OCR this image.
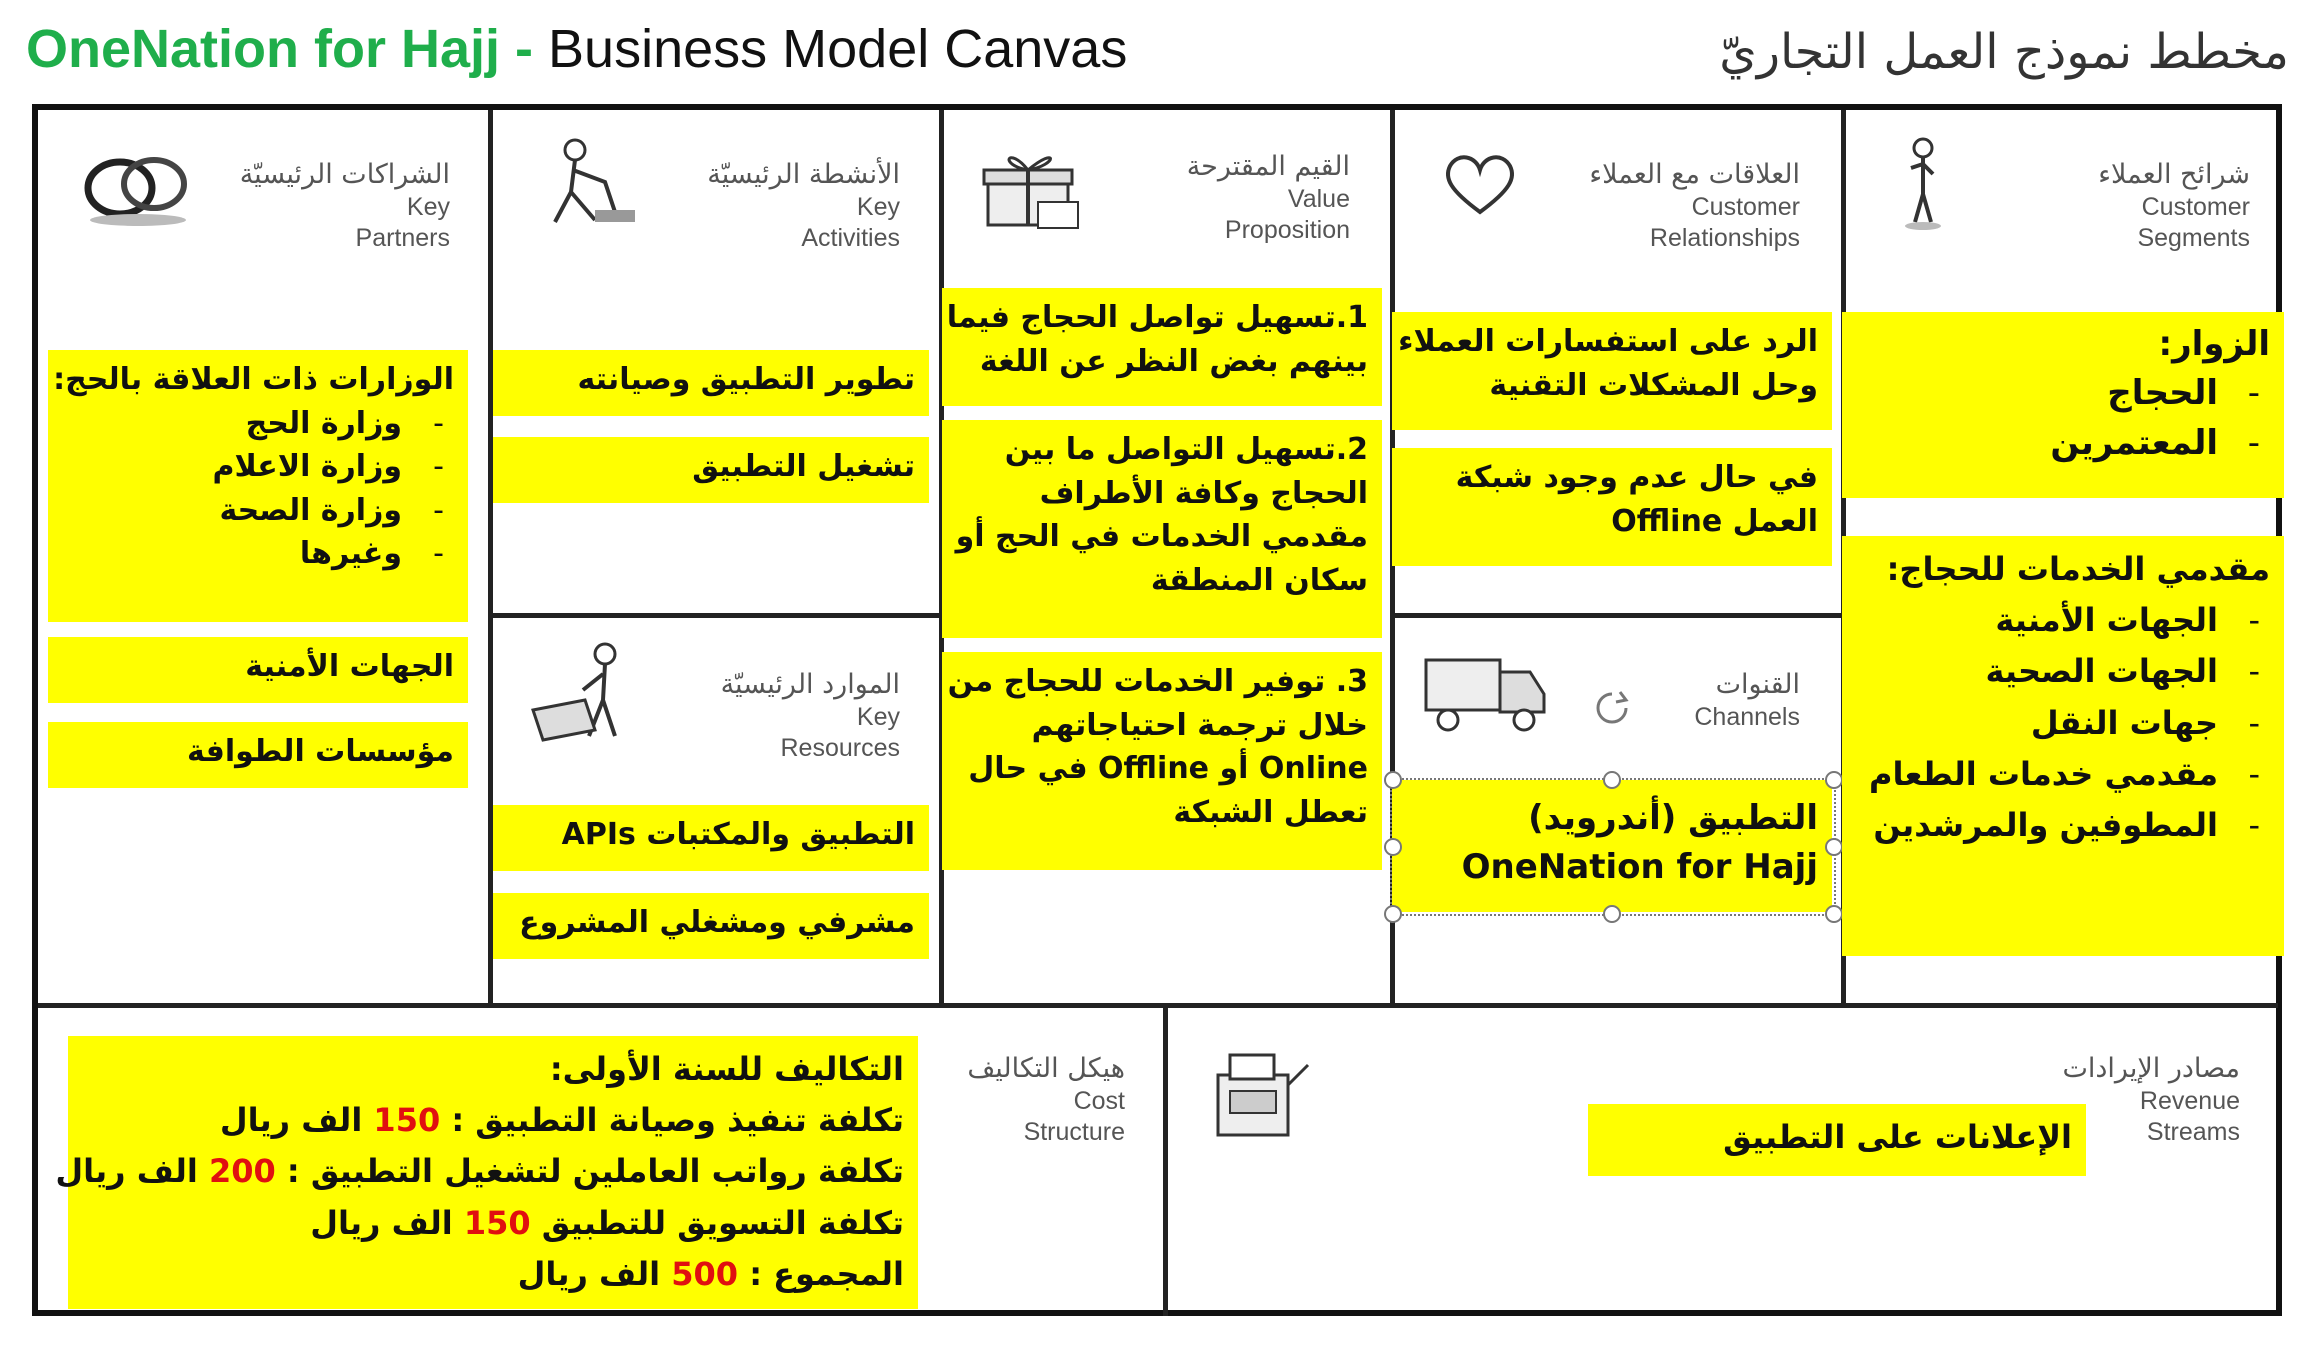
OneNation for Hajj - Business Model Canvas	مخطط نموذج العمل التجاريّ
الشراكات الرئيسيّة
Key
Partners
الأنشطة الرئيسيّة
Key
Activities
القيم المقترحة
Value
Proposition
العلاقات مع العملاء
Customer
Relationships
شرائح العملاء
Customer
Segments
الموارد الرئيسيّة
Key
Resources
القنوات
Channels
هيكل التكاليف
Cost
Structure
مصادر الإيرادات
Revenue
Streams
الوزارات ذات العلاقة بالحج:
- وزارة الحج
- وزارة الاعلام
- وزارة الصحة
- وغيرها
الجهات الأمنية
مؤسسات الطوافة
تطوير التطبيق وصيانته
تشغيل التطبيق
التطبيق والمكتبات APIs
مشرفي ومشغلي المشروع
1.تسهيل تواصل الحجاج فيما
بينهم بغض النظر عن اللغة
2.تسهيل التواصل ما بين
الحجاج وكافة الأطراف
مقدمي الخدمات في الحج أو
سكان المنطقة
3. توفير الخدمات للحجاج من
خلال ترجمة احتياجاتهم
Online أو Offline في حال
تعطل الشبكة
الرد على استفسارات العملاء
وحل المشكلات التقنية
في حال عدم وجود شبكة
العمل Offline
التطبيق (أندرويد)
OneNation for Hajj
الزوار:
- الحجاج
- المعتمرين
مقدمي الخدمات للحجاج:
- الجهات الأمنية
- الجهات الصحية
- جهات النقل
- مقدمي خدمات الطعام
- المطوفين والمرشدين
التكاليف للسنة الأولى:
تكلفة تنفيذ وصيانة التطبيق : 150 الف ريال
تكلفة رواتب العاملين لتشغيل التطبيق : 200 الف ريال
تكلفة التسويق للتطبيق 150 الف ريال
المجموع : 500 الف ريال
الإعلانات على التطبيق
